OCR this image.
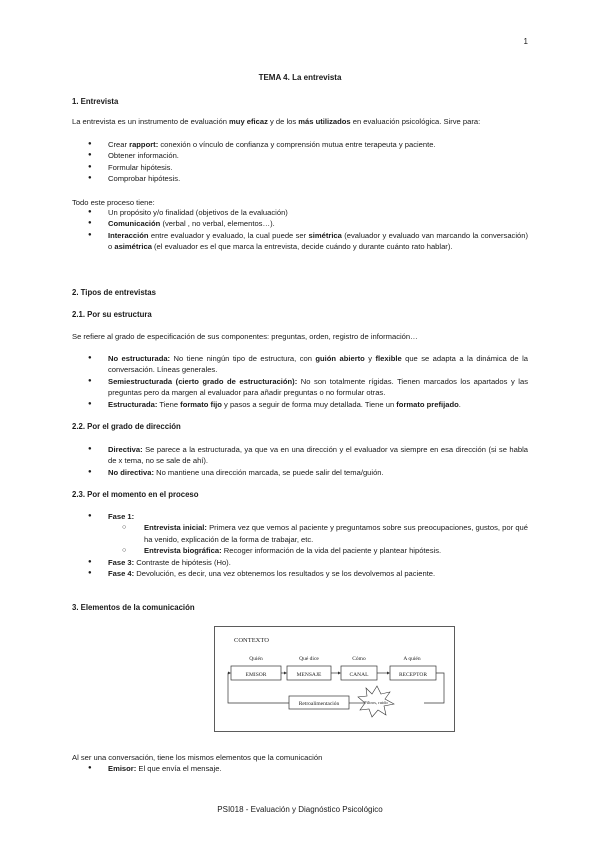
1
TEMA 4. La entrevista
1. Entrevista
La entrevista es un instrumento de evaluación muy eficaz y de los más utilizados en evaluación psicológica. Sirve para:
● Crear rapport: conexión o vínculo de confianza y comprensión mutua entre terapeuta y paciente.
● Obtener información.
● Formular hipótesis.
● Comprobar hipótesis.
Todo este proceso tiene:
● Un propósito y/o finalidad (objetivos de la evaluación)
● Comunicación (verbal , no verbal, elementos…).
● Interacción entre evaluador y evaluado, la cual puede ser simétrica (evaluador y evaluado van marcando la conversación) o asimétrica (el evaluador es el que marca la entrevista, decide cuándo y durante cuánto rato hablar).
2. Tipos de entrevistas
2.1. Por su estructura
Se refiere al grado de especificación de sus componentes: preguntas, orden, registro de información…
● No estructurada: No tiene ningún tipo de estructura, con guión abierto y flexible que se adapta a la dinámica de la conversación. Líneas generales.
● Semiestructurada (cierto grado de estructuración): No son totalmente rígidas. Tienen marcados los apartados y las preguntas pero da margen al evaluador para añadir preguntas o no formular otras.
● Estructurada: Tiene formato fijo y pasos a seguir de forma muy detallada. Tiene un formato prefijado.
2.2. Por el grado de dirección
● Directiva: Se parece a la estructurada, ya que va en una dirección y el evaluador va siempre en esa dirección (si se habla de x tema, no se sale de ahí).
● No directiva: No mantiene una dirección marcada, se puede salir del tema/guión.
2.3. Por el momento en el proceso
● Fase 1:
○ Entrevista inicial: Primera vez que vemos al paciente y preguntamos sobre sus preocupaciones, gustos, por qué ha venido, explicación de la forma de trabajar, etc.
○ Entrevista biográfica: Recoger información de la vida del paciente y plantear hipótesis.
● Fase 3: Contraste de hipótesis (Ho).
● Fase 4: Devolución, es decir, una vez obtenemos los resultados y se los devolvemos al paciente.
3. Elementos de la comunicación
CONTEXTO
Quién	Qué dice	Cómo	A quién
EMISOR	MENSAJE	CANAL	RECEPTOR
Retroalimentación	Filtros, ruido
Al ser una conversación, tiene los mismos elementos que la comunicación
● Emisor: El que envía el mensaje.
PSI018 - Evaluación y Diagnóstico Psicológico
